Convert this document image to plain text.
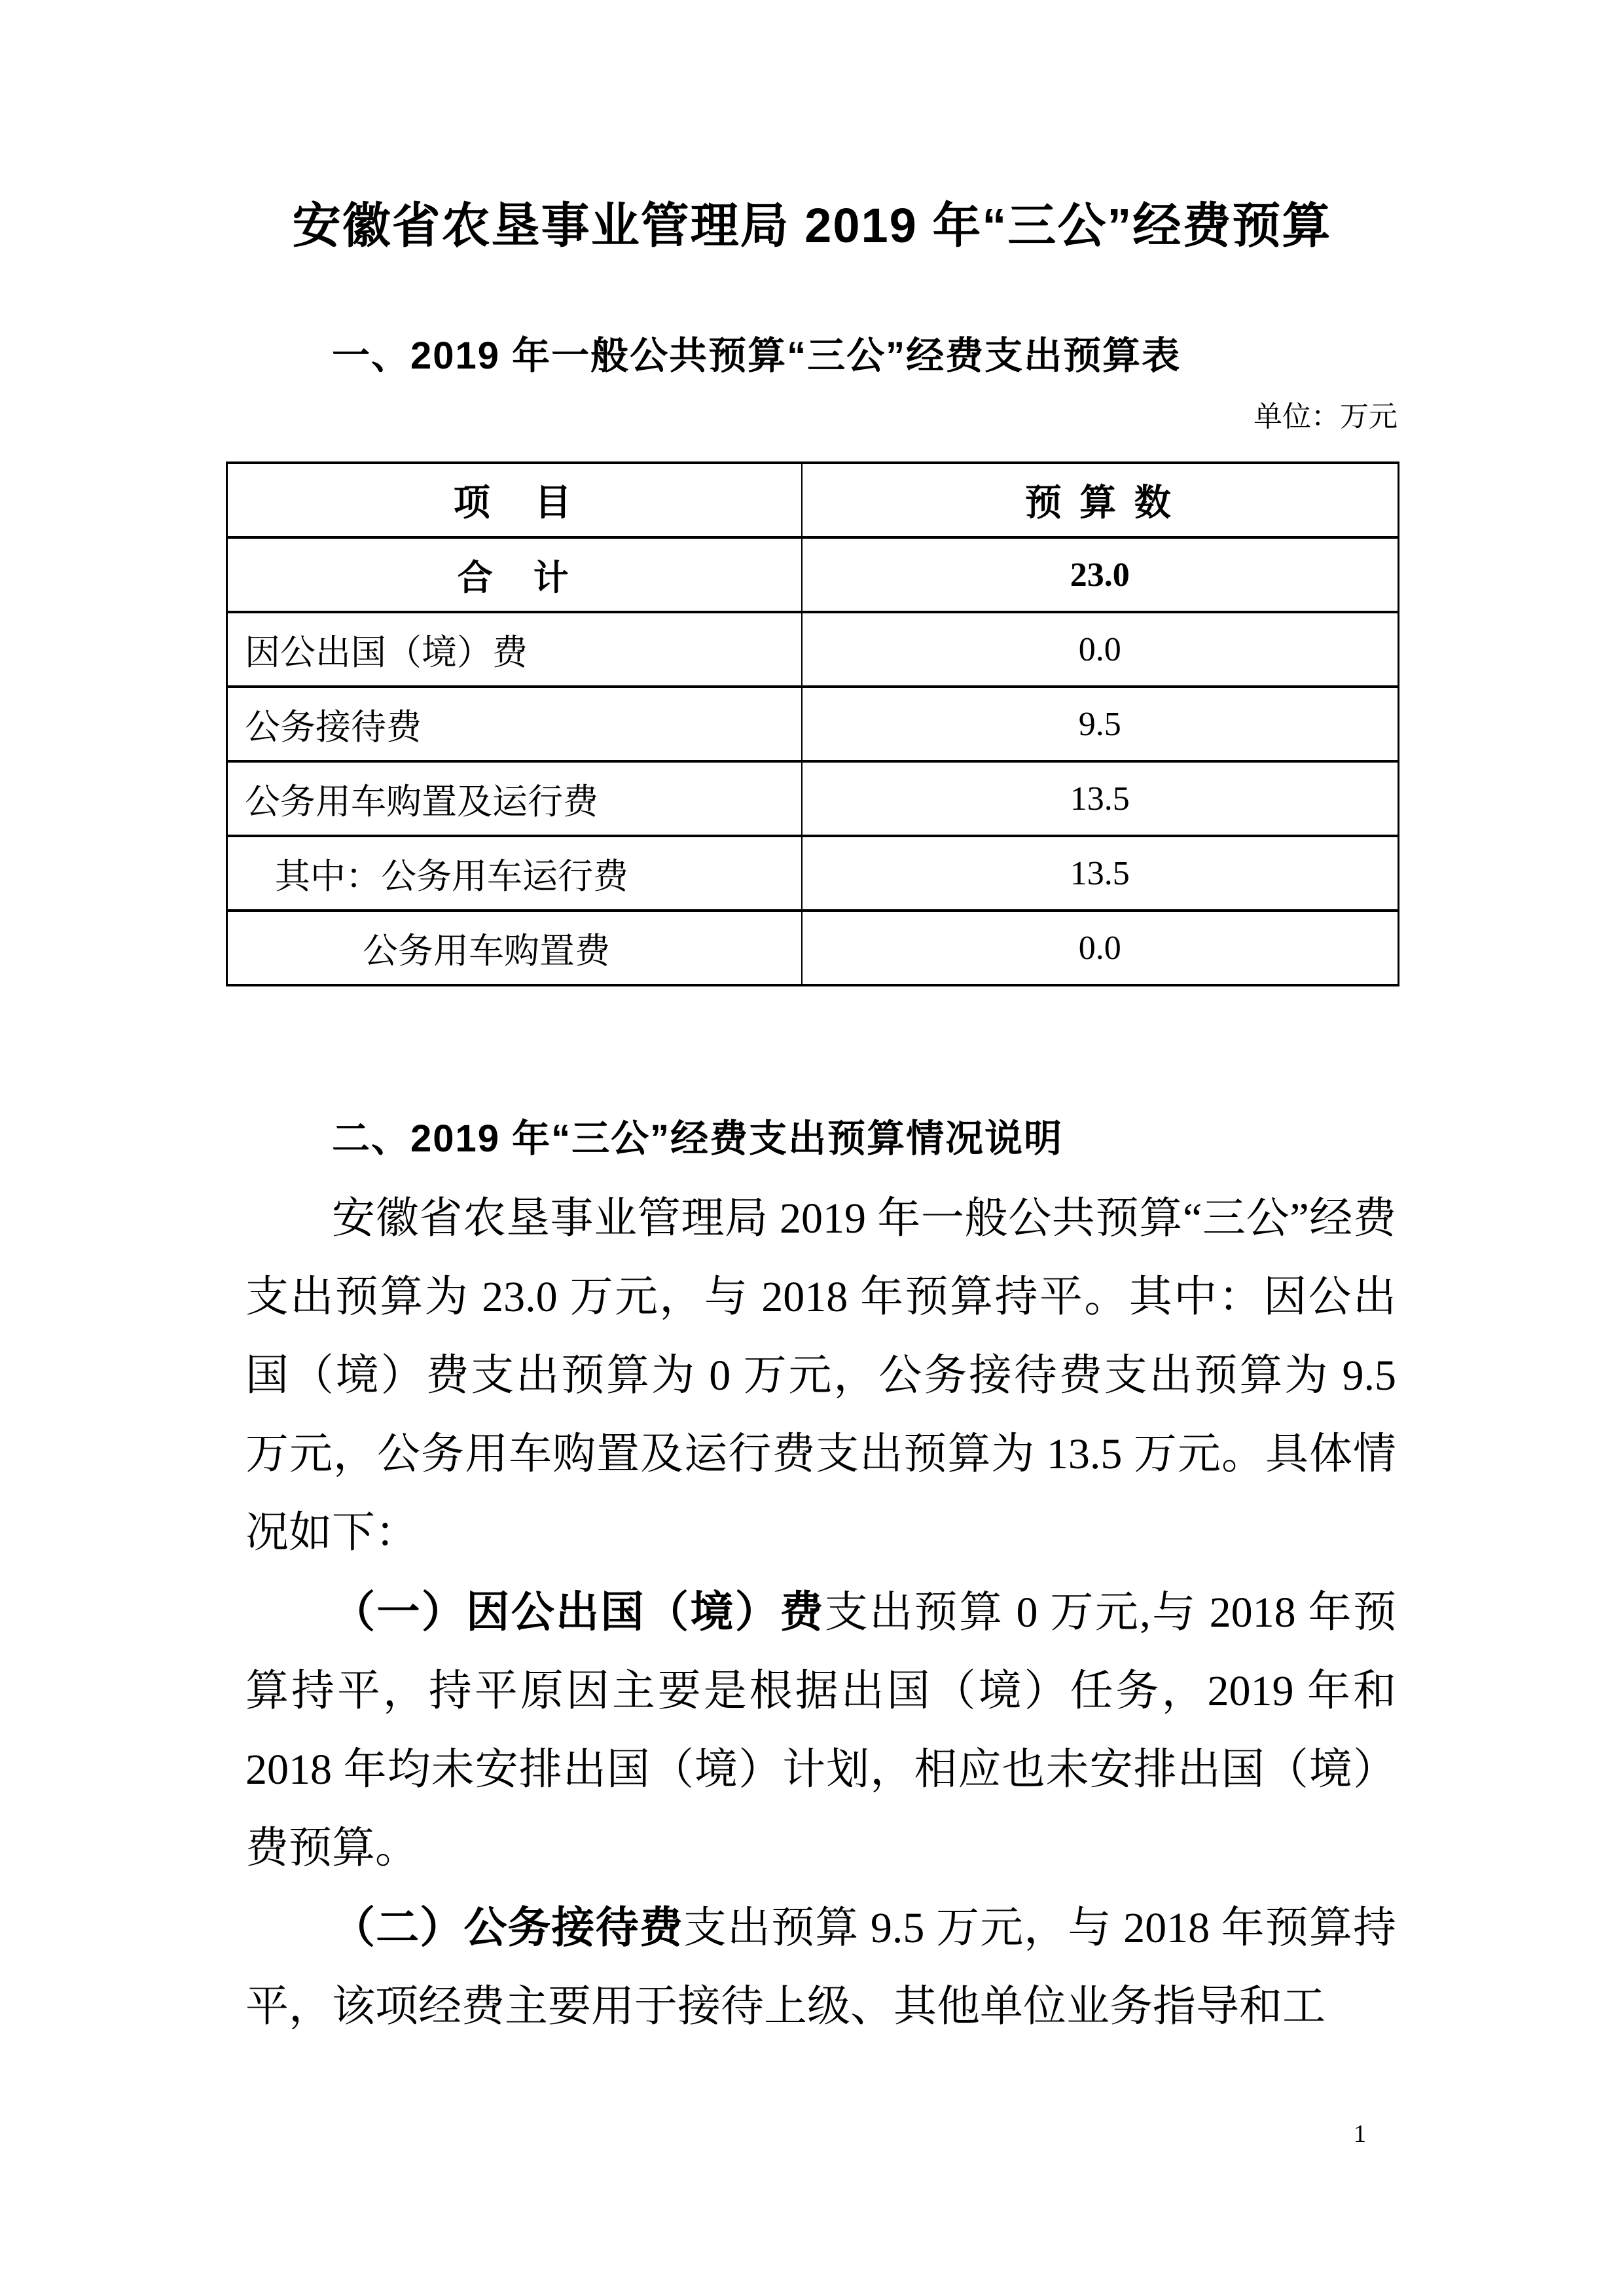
安徽省农垦事业管理局 2019 年“三公”经费预算
一、2019 年一般公共预算“三公”经费支出预算表
单位：万元
项　目	预 算 数
合　计	23.0
因公出国（境）费	0.0
公务接待费	9.5
公务用车购置及运行费	13.5
其中：公务用车运行费	13.5
公务用车购置费	0.0
二、2019 年“三公”经费支出预算情况说明

安徽省农垦事业管理局 2019 年一般公共预算“三公”经费支出预算为 23.0 万元，与 2018 年预算持平。其中：因公出国（境）费支出预算为 0 万元，公务接待费支出预算为 9.5 万元，公务用车购置及运行费支出预算为 13.5 万元。具体情况如下：

（一）因公出国（境）费支出预算 0 万元,与 2018 年预算持平，持平原因主要是根据出国（境）任务，2019 年和 2018 年均未安排出国（境）计划，相应也未安排出国（境）费预算。

（二）公务接待费支出预算 9.5 万元，与 2018 年预算持平，该项经费主要用于接待上级、其他单位业务指导和工

1
